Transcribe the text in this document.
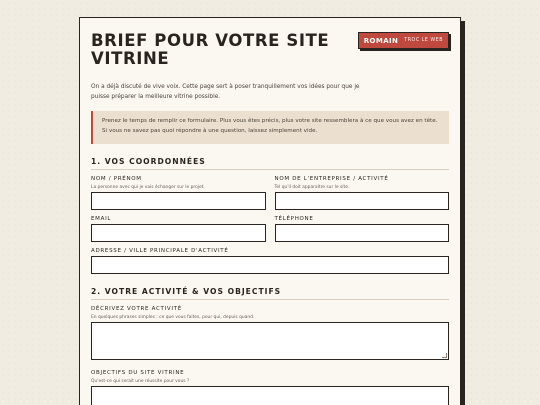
BRIEF POUR VOTRE SITE VITRINE
ROMAIN TROC LE WEB

On a déjà discuté de vive voix. Cette page sert à poser tranquillement vos idées pour que je puisse préparer la meilleure vitrine possible.

Prenez le temps de remplir ce formulaire. Plus vous êtes précis, plus votre site ressemblera à ce que vous avez en tête. Si vous ne savez pas quoi répondre à une question, laissez simplement vide.
1. VOS COORDONNÉES
NOM / PRÉNOM
La personne avec qui je vais échanger sur le projet.
NOM DE L'ENTREPRISE / ACTIVITÉ
Tel qu'il doit apparaître sur le site.
EMAIL	TÉLÉPHONE
ADRESSE / VILLE PRINCIPALE D'ACTIVITÉ
2. VOTRE ACTIVITÉ & VOS OBJECTIFS
DÉCRIVEZ VOTRE ACTIVITÉ
En quelques phrases simples : ce que vous faites, pour qui, depuis quand.
OBJECTIFS DU SITE VITRINE
Qu'est-ce qui serait une réussite pour vous ?
